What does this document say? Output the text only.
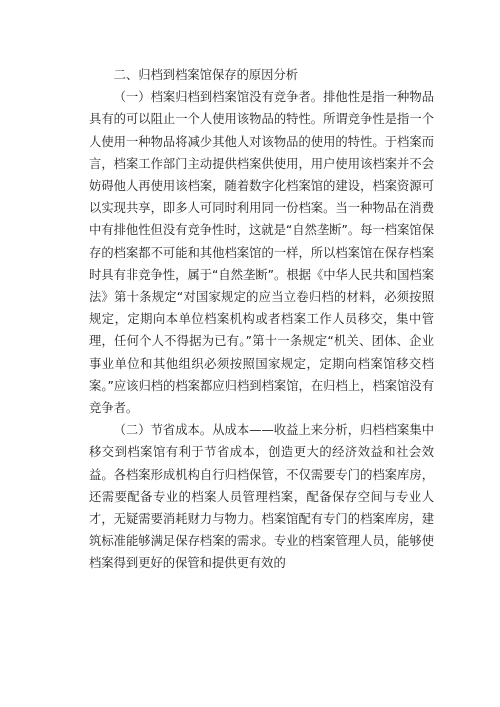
二、归档到档案馆保存的原因分析

（一）档案归档到档案馆没有竞争者。排他性是指一种物品具有的可以阻止一个人使用该物品的特性。所谓竞争性是指一个人使用一种物品将减少其他人对该物品的使用的特性。于档案而言，档案工作部门主动提供档案供使用，用户使用该档案并不会妨碍他人再使用该档案，随着数字化档案馆的建设，档案资源可以实现共享，即多人可同时利用同一份档案。当一种物品在消费中有排他性但没有竞争性时，这就是“自然垄断”。每一档案馆保存的档案都不可能和其他档案馆的一样，所以档案馆在保存档案时具有非竞争性，属于“自然垄断”。根据《中华人民共和国档案法》第十条规定“对国家规定的应当立卷归档的材料，必须按照规定，定期向本单位档案机构或者档案工作人员移交，集中管理，任何个人不得据为已有。”第十一条规定“机关、团体、企业事业单位和其他组织必须按照国家规定，定期向档案馆移交档案。”应该归档的档案都应归档到档案馆，在归档上，档案馆没有竞争者。

（二）节省成本。从成本——收益上来分析，归档档案集中移交到档案馆有利于节省成本，创造更大的经济效益和社会效益。各档案形成机构自行归档保管，不仅需要专门的档案库房，还需要配备专业的档案人员管理档案，配备保存空间与专业人才，无疑需要消耗财力与物力。档案馆配有专门的档案库房，建筑标准能够满足保存档案的需求。专业的档案管理人员，能够使档案得到更好的保管和提供更有效的
